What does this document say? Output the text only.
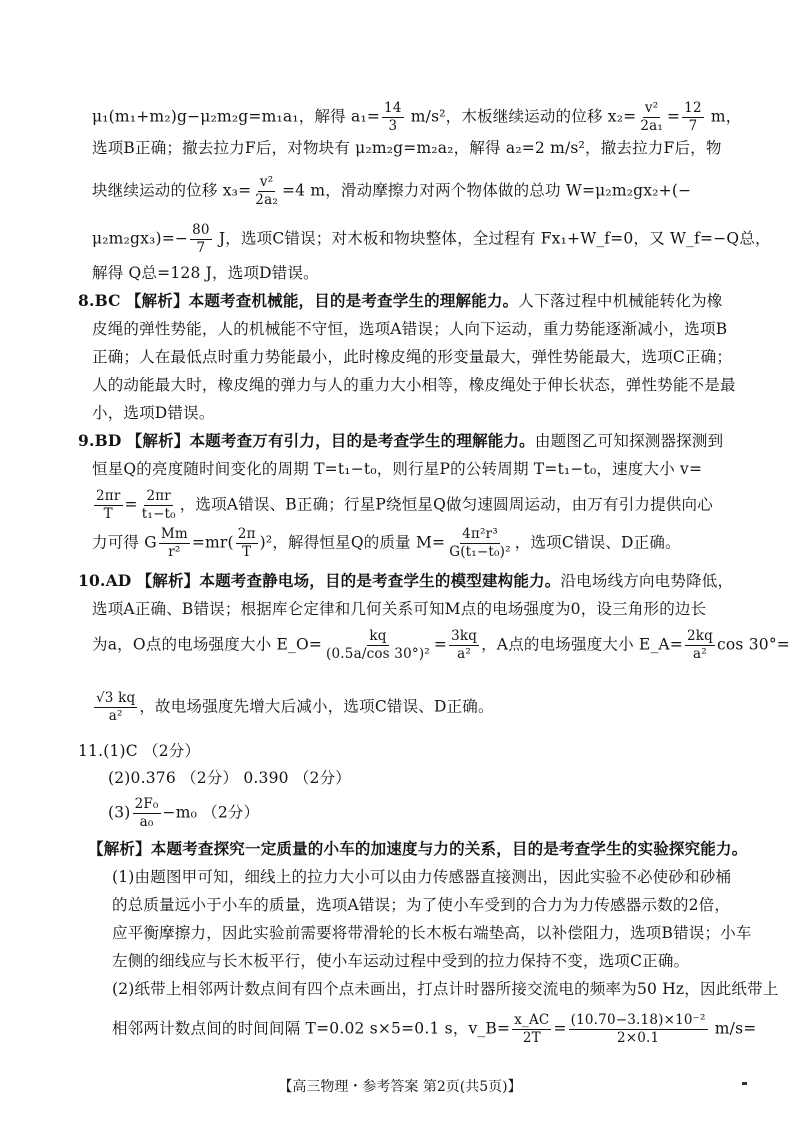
μ₁(m₁+m₂)g−μ₂m₂g=m₁a₁，解得 $a_1= \frac{14}{3} m/s^2$，木板继续运动的位移 $x_2= \frac{\text{v²}}{\text{2a₁}} = \frac{12}{7}$ m，
选项B正确；撤去拉力F后，对物块有 μ₂m₂g=m₂a₂，解得 a₂=2 m/s²，撤去拉力F后，物
块继续运动的位移 $x_3= \frac{\text{v²}}{\text{2a₂}} =4$ m，滑动摩擦力对两个物体做的总功 W=μ₂m₂gx₂+(−
$\mu_2m_2gx_3)=- \frac{80}{7}$ J，选项C错误；对木板和物块整体，全过程有 Fx₁+W_f=0，又 W_f=−Q总，
解得 Q总=128 J，选项D错误。
8.BC 【解析】本题考查机械能，目的是考查学生的理解能力。人下落过程中机械能转化为橡
皮绳的弹性势能，人的机械能不守恒，选项A错误；人向下运动，重力势能逐渐减小，选项B
正确；人在最低点时重力势能最小，此时橡皮绳的形变量最大，弹性势能最大，选项C正确；
人的动能最大时，橡皮绳的弹力与人的重力大小相等，橡皮绳处于伸长状态，弹性势能不是最
小，选项D错误。
9.BD 【解析】本题考查万有引力，目的是考查学生的理解能力。由题图乙可知探测器探测到
恒星Q的亮度随时间变化的周期 T=t₁−t₀，则行星P的公转周期 T=t₁−t₀，速度大小 v=
$\frac{2\pi r}{T} = \frac{2\pi r}{\text{t₁−t₀}}$ ，选项A错误、B正确；行星P绕恒星Q做匀速圆周运动，由万有引力提供向心
力可得 G $\frac{Mm}{\text{r²}} =mr( \frac{2\pi}{T} )^2$，解得恒星Q的质量 $M= \frac{\text{4π²r³}}{\text{G(t₁−t₀)²}}$ ，选项C错误、D正确。
10.AD 【解析】本题考查静电场，目的是考查学生的模型建构能力。沿电场线方向电势降低，
选项A正确、B错误；根据库仑定律和几何关系可知M点的电场强度为0，设三角形的边长
为a，O点的电场强度大小 E_O= $\frac{kq}{\text{(0.5a/cos 30°)²}} = \frac{3kq}{\text{a²}}$ ，A点的电场强度大小 E_A= $\frac{2kq}{\text{a²}}$ cos 30°=
$\frac{√3 kq}{\text{a²}}$ ，故电场强度先增大后减小，选项C错误、D正确。
11.(1)C （2分）
(2)0.376 （2分） 0.390 （2分）
$(3) \frac{\text{2F₀}}{\text{a₀}} -m_0$ （2分）
【解析】本题考查探究一定质量的小车的加速度与力的关系，目的是考查学生的实验探究能力。
(1)由题图甲可知，细线上的拉力大小可以由力传感器直接测出，因此实验不必使砂和砂桶
的总质量远小于小车的质量，选项A错误；为了使小车受到的合力为力传感器示数的2倍，
应平衡摩擦力，因此实验前需要将带滑轮的长木板右端垫高，以补偿阻力，选项B错误；小车
左侧的细线应与长木板平行，使小车运动过程中受到的拉力保持不变，选项C正确。
(2)纸带上相邻两计数点间有四个点未画出，打点计时器所接交流电的频率为50 Hz，因此纸带上
相邻两计数点间的时间间隔 T=0.02 s×5=0.1 s，v_B= $\frac{x\_AC}{2T} = \frac{\text{(10.70−3.18)×10⁻²}}{2\times 0.1} m/s=$
【高三物理・参考答案 第2页(共5页)】
